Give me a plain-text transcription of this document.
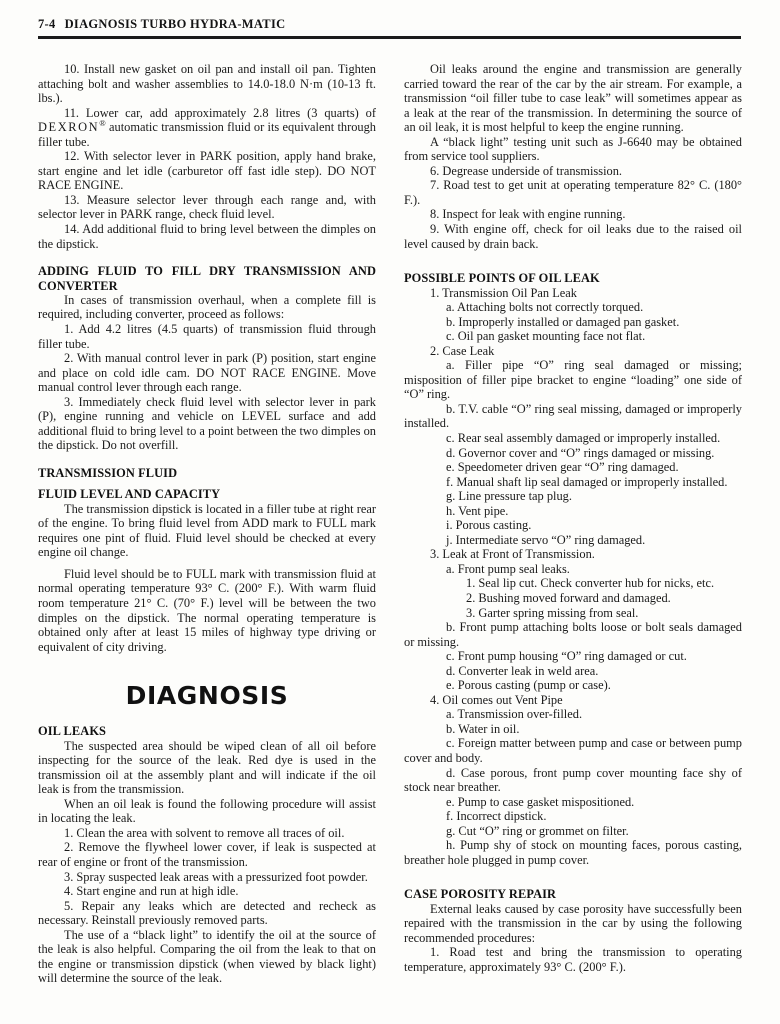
7-4 DIAGNOSIS TURBO HYDRA-MATIC

10. Install new gasket on oil pan and install oil pan. Tighten attaching bolt and washer assemblies to 14.0-18.0 N·m (10-13 ft. lbs.).

11. Lower car, add approximately 2.8 litres (3 quarts) of DEXRON® automatic transmission fluid or its equivalent through filler tube.

12. With selector lever in PARK position, apply hand brake, start engine and let idle (carburetor off fast idle step). DO NOT RACE ENGINE.

13. Measure selector lever through each range and, with selector lever in PARK range, check fluid level.

14. Add additional fluid to bring level between the dimples on the dipstick.

ADDING FLUID TO FILL DRY TRANSMISSION AND CONVERTER

In cases of transmission overhaul, when a complete fill is required, including converter, proceed as follows:

1. Add 4.2 litres (4.5 quarts) of transmission fluid through filler tube.

2. With manual control lever in park (P) position, start engine and place on cold idle cam. DO NOT RACE ENGINE. Move manual control lever through each range.

3. Immediately check fluid level with selector lever in park (P), engine running and vehicle on LEVEL surface and add additional fluid to bring level to a point between the two dimples on the dipstick. Do not overfill.

TRANSMISSION FLUID
FLUID LEVEL AND CAPACITY

The transmission dipstick is located in a filler tube at right rear of the engine. To bring fluid level from ADD mark to FULL mark requires one pint of fluid. Fluid level should be checked at every engine oil change.

Fluid level should be to FULL mark with transmission fluid at normal operating temperature 93° C. (200° F.). With warm fluid room temperature 21° C. (70° F.) level will be between the two dimples on the dipstick. The normal operating temperature is obtained only after at least 15 miles of highway type driving or equivalent of city driving.

DIAGNOSIS
OIL LEAKS

The suspected area should be wiped clean of all oil before inspecting for the source of the leak. Red dye is used in the transmission oil at the assembly plant and will indicate if the oil leak is from the transmission.

When an oil leak is found the following procedure will assist in locating the leak.

1. Clean the area with solvent to remove all traces of oil.

2. Remove the flywheel lower cover, if leak is suspected at rear of engine or front of the transmission.

3. Spray suspected leak areas with a pressurized foot powder.

4. Start engine and run at high idle.

5. Repair any leaks which are detected and recheck as necessary. Reinstall previously removed parts.

The use of a “black light” to identify the oil at the source of the leak is also helpful. Comparing the oil from the leak to that on the engine or transmission dipstick (when viewed by black light) will determine the source of the leak.

Oil leaks around the engine and transmission are generally carried toward the rear of the car by the air stream. For example, a transmission “oil filler tube to case leak” will sometimes appear as a leak at the rear of the transmission. In determining the source of an oil leak, it is most helpful to keep the engine running.

A “black light” testing unit such as J-6640 may be obtained from service tool suppliers.

6. Degrease underside of transmission.

7. Road test to get unit at operating temperature 82° C. (180° F.).

8. Inspect for leak with engine running.

9. With engine off, check for oil leaks due to the raised oil level caused by drain back.

POSSIBLE POINTS OF OIL LEAK

1. Transmission Oil Pan Leak

a. Attaching bolts not correctly torqued.

b. Improperly installed or damaged pan gasket.

c. Oil pan gasket mounting face not flat.

2. Case Leak

a. Filler pipe “O” ring seal damaged or missing; misposition of filler pipe bracket to engine “loading” one side of “O” ring.

b. T.V. cable “O” ring seal missing, damaged or improperly installed.

c. Rear seal assembly damaged or improperly installed.

d. Governor cover and “O” rings damaged or missing.

e. Speedometer driven gear “O” ring damaged.

f. Manual shaft lip seal damaged or improperly installed.

g. Line pressure tap plug.

h. Vent pipe.

i. Porous casting.

j. Intermediate servo “O” ring damaged.

3. Leak at Front of Transmission.

a. Front pump seal leaks.

1. Seal lip cut. Check converter hub for nicks, etc.

2. Bushing moved forward and damaged.

3. Garter spring missing from seal.

b. Front pump attaching bolts loose or bolt seals damaged or missing.

c. Front pump housing “O” ring damaged or cut.

d. Converter leak in weld area.

e. Porous casting (pump or case).

4. Oil comes out Vent Pipe

a. Transmission over-filled.

b. Water in oil.

c. Foreign matter between pump and case or between pump cover and body.

d. Case porous, front pump cover mounting face shy of stock near breather.

e. Pump to case gasket mispositioned.

f. Incorrect dipstick.

g. Cut “O” ring or grommet on filter.

h. Pump shy of stock on mounting faces, porous casting, breather hole plugged in pump cover.

CASE POROSITY REPAIR

External leaks caused by case porosity have successfully been repaired with the transmission in the car by using the following recommended procedures:

1. Road test and bring the transmission to operating temperature, approximately 93° C. (200° F.).
